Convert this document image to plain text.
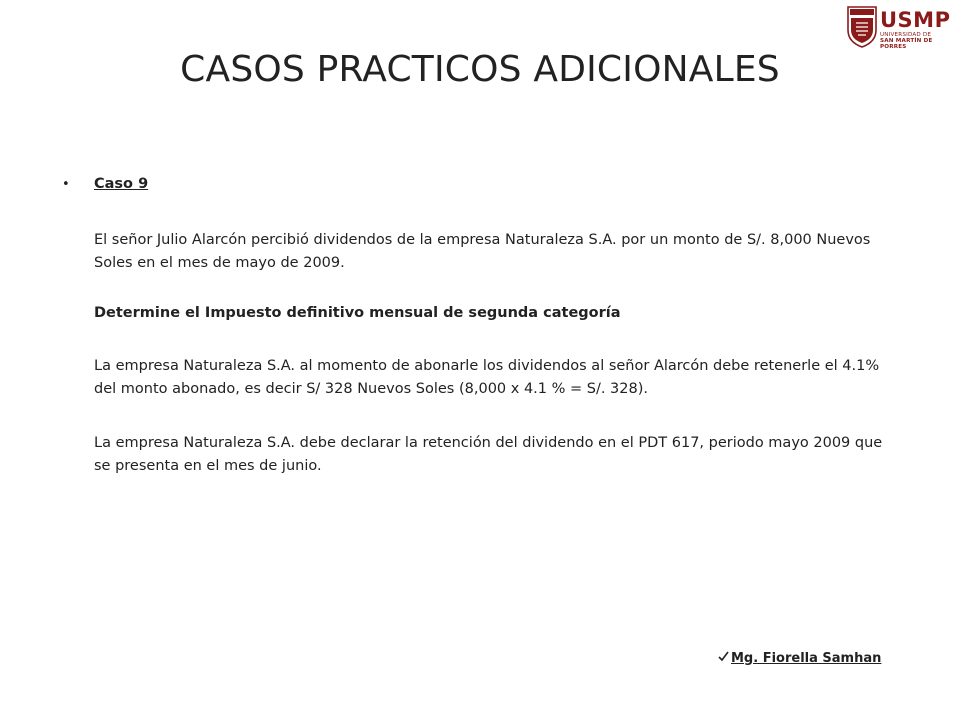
USMP
UNIVERSIDAD DE
SAN MARTÍN DE PORRES
CASOS PRACTICOS ADICIONALES
• Caso 9

El señor Julio Alarcón percibió dividendos de la empresa Naturaleza S.A. por un monto de S/. 8,000 Nuevos Soles en el mes de mayo de 2009.

Determine el Impuesto definitivo mensual de segunda categoría

La empresa Naturaleza S.A. al momento de abonarle los dividendos al señor Alarcón debe retenerle el 4.1% del monto abonado, es decir S/ 328 Nuevos Soles (8,000 x 4.1 % = S/. 328).

La empresa Naturaleza S.A. debe declarar la retención del dividendo en el PDT 617, periodo mayo 2009 que se presenta en el mes de junio.

Mg. Fiorella Samhan
